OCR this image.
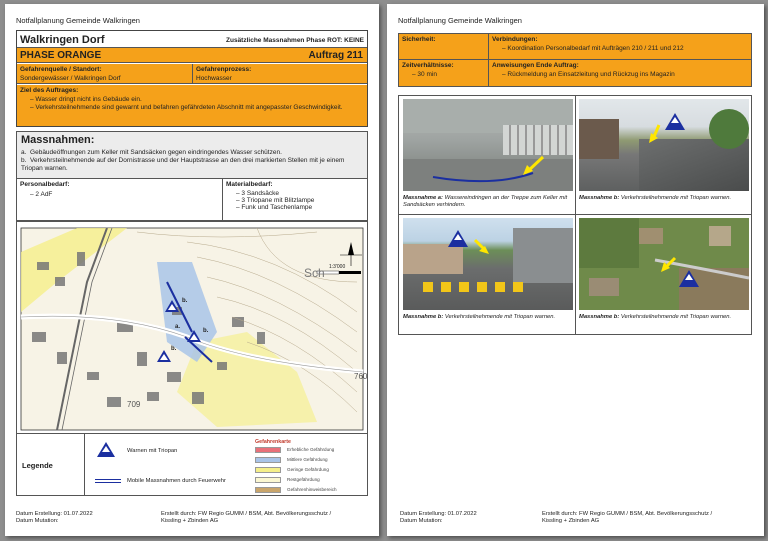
Notfallplanung Gemeinde Walkringen
Walkringen Dorf	Zusätzliche Massnahmen Phase ROT: KEINE
PHASE ORANGE	Auftrag 211
Gefahrenquelle / Standort:
Sondergewässer / Walkringen Dorf
Gefahrenprozess:
Hochwasser
Ziel des Auftrages:
– Wasser dringt nicht ins Gebäude ein.
– Verkehrsteilnehmende sind gewarnt und befahren gefährdeten Abschnitt mit angepasster Geschwindigkeit.
Massnahmen:
a.  Gebäudeöffnungen zum Keller mit Sandsäcken gegen eindringendes Wasser schützen.
b.  Verkehrsteilnehmende auf der Dornistrasse und der Hauptstrasse an den drei markierten Stellen mit je einem Triopan warnen.
Personalbedarf:
– 2 AdF
Materialbedarf:
– 3 Sandsäcke
– 3 Triopane mit Blitzlampe
– Funk und Taschenlampe
1:3'000
Sch
709
760
b.
a.
b.
b.
Legende
Warnen mit Triopan
Mobile Massnahmen durch Feuerwehr
Gefahrenkarte
Erhebliche Gefährdung
Mittlere Gefährdung
Geringe Gefährdung
Restgefährdung
Gefahrenhinweisbereich
Datum Erstellung: 01.07.2022
Datum Mutation:
Erstellt durch: FW Regio GUMM / BSM, Abt. Bevölkerungsschutz / Kissling + Zbinden AG
Notfallplanung Gemeinde Walkringen
Sicherheit:	Verbindungen:
– Koordination Personalbedarf mit Aufträgen 210 / 211 und 212
Zeitverhältnisse:
– 30 min
Anweisungen Ende Auftrag:
– Rückmeldung an Einsatzleitung und Rückzug ins Magazin
Massnahme a: Wassereindringen an der Treppe zum Keller mit Sandsäcken verhindern.
Massnahme b: Verkehrsteilnehmende mit Triopan warnen.
Massnahme b: Verkehrsteilnehmende mit Triopan warnen.	Massnahme b: Verkehrsteilnehmende mit Triopan warnen.
Datum Erstellung: 01.07.2022
Datum Mutation:
Erstellt durch: FW Regio GUMM / BSM, Abt. Bevölkerungsschutz / Kissling + Zbinden AG
